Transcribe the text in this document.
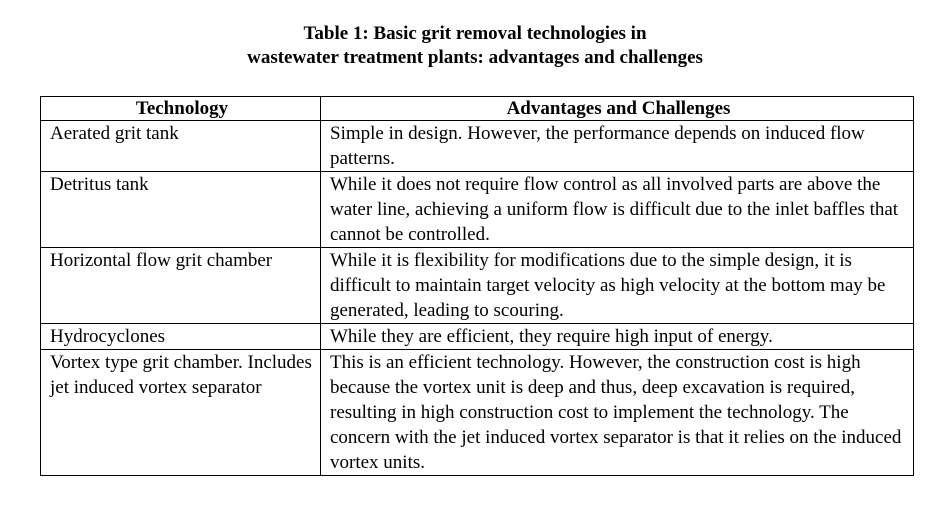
Table 1: Basic grit removal technologies in
wastewater treatment plants: advantages and challenges
Technology	Advantages and Challenges
Aerated grit tank	Simple in design. However, the performance depends on induced flow patterns.
Detritus tank	While it does not require flow control as all involved parts are above the water line, achieving a uniform flow is difficult due to the inlet baffles that cannot be controlled.
Horizontal flow grit chamber	While it is flexibility for modifications due to the simple design, it is difficult to maintain target velocity as high velocity at the bottom may be generated, leading to scouring.
Hydrocyclones	While they are efficient, they require high input of energy.
Vortex type grit chamber. Includes jet induced vortex separator	This is an efficient technology. However, the construction cost is high because the vortex unit is deep and thus, deep excavation is required, resulting in high construction cost to implement the technology. The concern with the jet induced vortex separator is that it relies on the induced vortex units.
